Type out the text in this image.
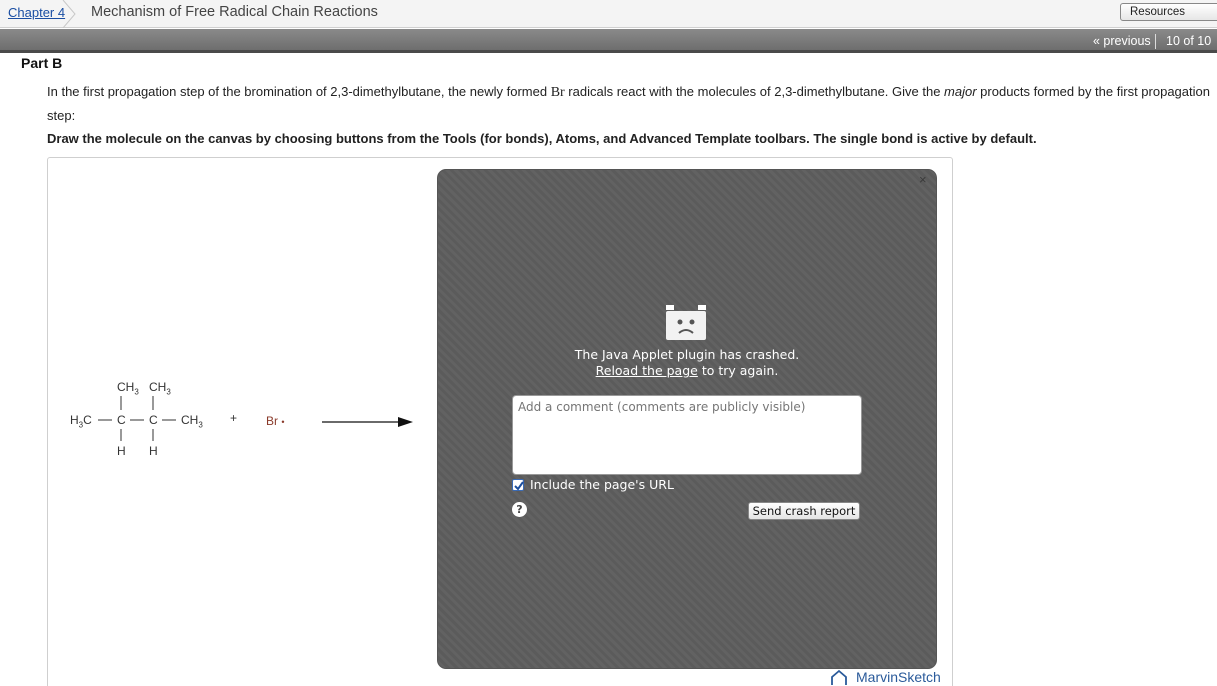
Chapter 4 Mechanism of Free Radical Chain Reactions	Resources
« previous 10 of 10
Part B
In the first propagation step of the bromination of 2,3-dimethylbutane, the newly formed Br radicals react with the molecules of 2,3-dimethylbutane. Give the major products formed by the first propagation step:
Draw the molecule on the canvas by choosing buttons from the Tools (for bonds), Atoms, and Advanced Template toolbars. The single bond is active by default.
$CH_3$ $CH_3$
$H_3C$ C C $CH_3$
H H
+ Br •
×
The Java Applet plugin has crashed.
Reload the page to try again.
Add a comment (comments are publicly visible)
Include the page's URL
?	Send crash report
MarvinSketch
